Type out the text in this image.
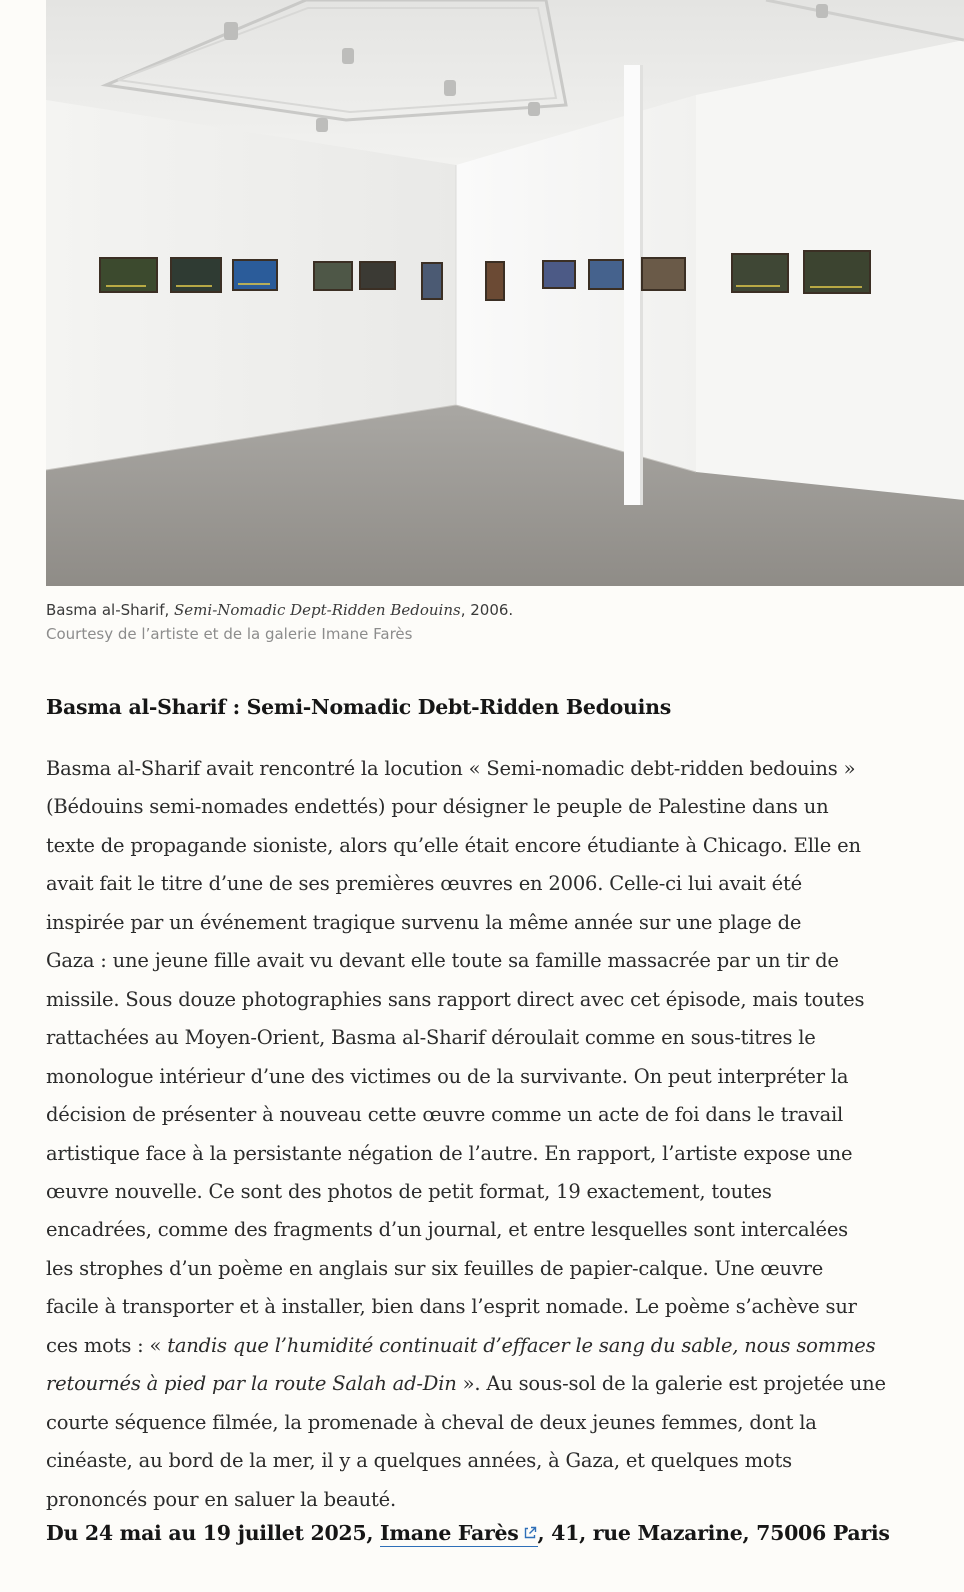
Basma al-Sharif, Semi-Nomadic Dept-Ridden Bedouins, 2006.
Courtesy de l’artiste et de la galerie Imane Farès
Basma al-Sharif : Semi-Nomadic Debt-Ridden Bedouins

Basma al-Sharif avait rencontré la locution « Semi-nomadic debt-ridden bedouins »
(Bédouins semi-nomades endettés) pour désigner le peuple de Palestine dans un
texte de propagande sioniste, alors qu’elle était encore étudiante à Chicago. Elle en
avait fait le titre d’une de ses premières œuvres en 2006. Celle-ci lui avait été
inspirée par un événement tragique survenu la même année sur une plage de
Gaza : une jeune fille avait vu devant elle toute sa famille massacrée par un tir de
missile. Sous douze photographies sans rapport direct avec cet épisode, mais toutes
rattachées au Moyen-Orient, Basma al-Sharif déroulait comme en sous-titres le
monologue intérieur d’une des victimes ou de la survivante. On peut interpréter la
décision de présenter à nouveau cette œuvre comme un acte de foi dans le travail
artistique face à la persistante négation de l’autre. En rapport, l’artiste expose une
œuvre nouvelle. Ce sont des photos de petit format, 19 exactement, toutes
encadrées, comme des fragments d’un journal, et entre lesquelles sont intercalées
les strophes d’un poème en anglais sur six feuilles de papier-calque. Une œuvre
facile à transporter et à installer, bien dans l’esprit nomade. Le poème s’achève sur
ces mots : « tandis que l’humidité continuait d’effacer le sang du sable, nous sommes
retournés à pied par la route Salah ad-Din ». Au sous-sol de la galerie est projetée une
courte séquence filmée, la promenade à cheval de deux jeunes femmes, dont la
cinéaste, au bord de la mer, il y a quelques années, à Gaza, et quelques mots
prononcés pour en saluer la beauté.

Du 24 mai au 19 juillet 2025, Imane Farès , 41, rue Mazarine, 75006 Paris
